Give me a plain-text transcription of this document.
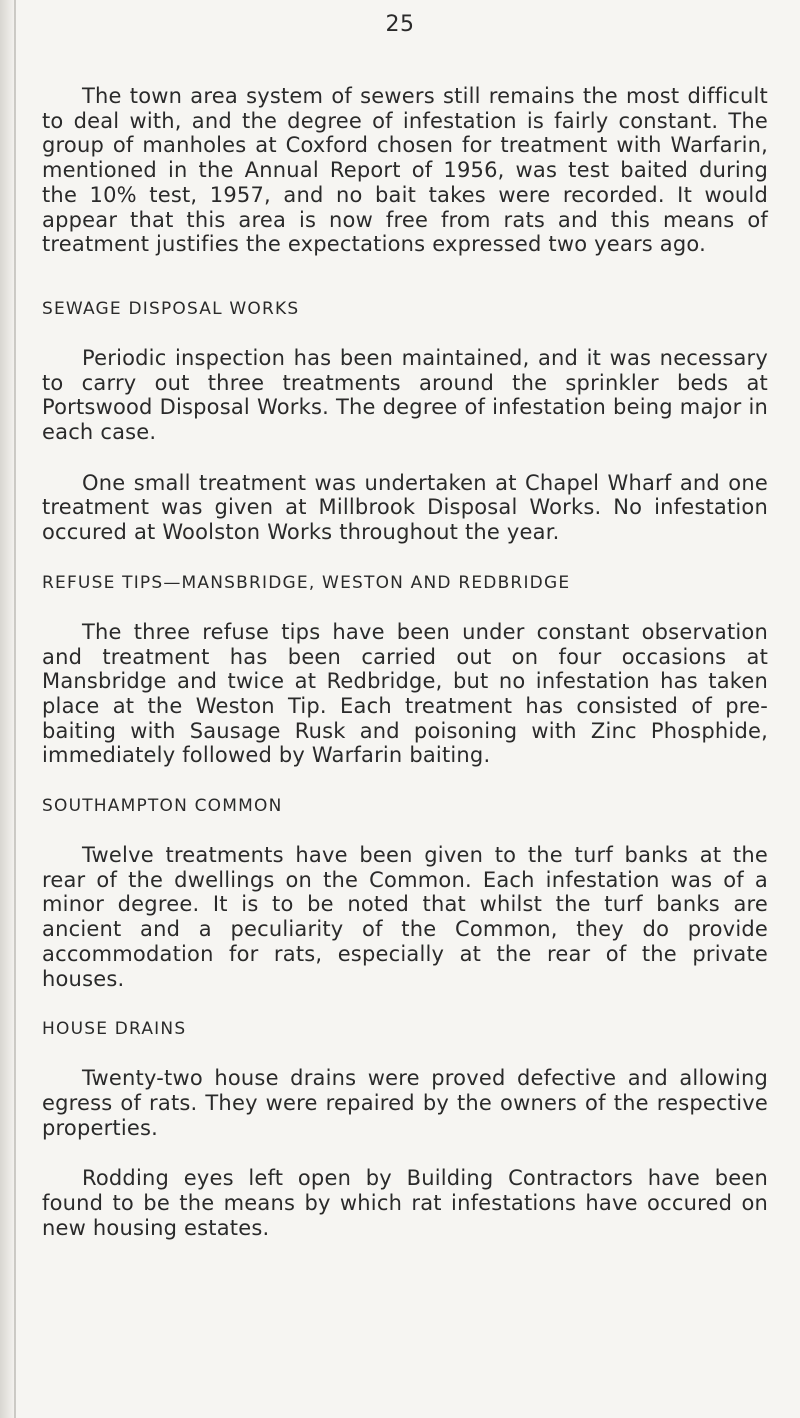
25

The town area system of sewers still remains the most difficult to deal with, and the degree of infestation is fairly constant. The group of manholes at Coxford chosen for treatment with Warfarin, mentioned in the Annual Report of 1956, was test baited during the 10% test, 1957, and no bait takes were recorded. It would appear that this area is now free from rats and this means of treatment justifies the expectations expressed two years ago.

SEWAGE DISPOSAL WORKS

Periodic inspection has been maintained, and it was necessary to carry out three treatments around the sprinkler beds at Portswood Disposal Works. The degree of infestation being major in each case.

One small treatment was undertaken at Chapel Wharf and one treatment was given at Millbrook Disposal Works. No infestation occured at Woolston Works throughout the year.

REFUSE TIPS—MANSBRIDGE, WESTON AND REDBRIDGE

The three refuse tips have been under constant observation and treatment has been carried out on four occasions at Mansbridge and twice at Redbridge, but no infestation has taken place at the Weston Tip. Each treatment has consisted of pre-baiting with Sausage Rusk and poisoning with Zinc Phosphide, immediately followed by Warfarin baiting.

SOUTHAMPTON COMMON

Twelve treatments have been given to the turf banks at the rear of the dwellings on the Common. Each infestation was of a minor degree. It is to be noted that whilst the turf banks are ancient and a peculiarity of the Common, they do provide accommodation for rats, especially at the rear of the private houses.

HOUSE DRAINS

Twenty-two house drains were proved defective and allowing egress of rats. They were repaired by the owners of the respective properties.

Rodding eyes left open by Building Contractors have been found to be the means by which rat infestations have occured on new housing estates.
